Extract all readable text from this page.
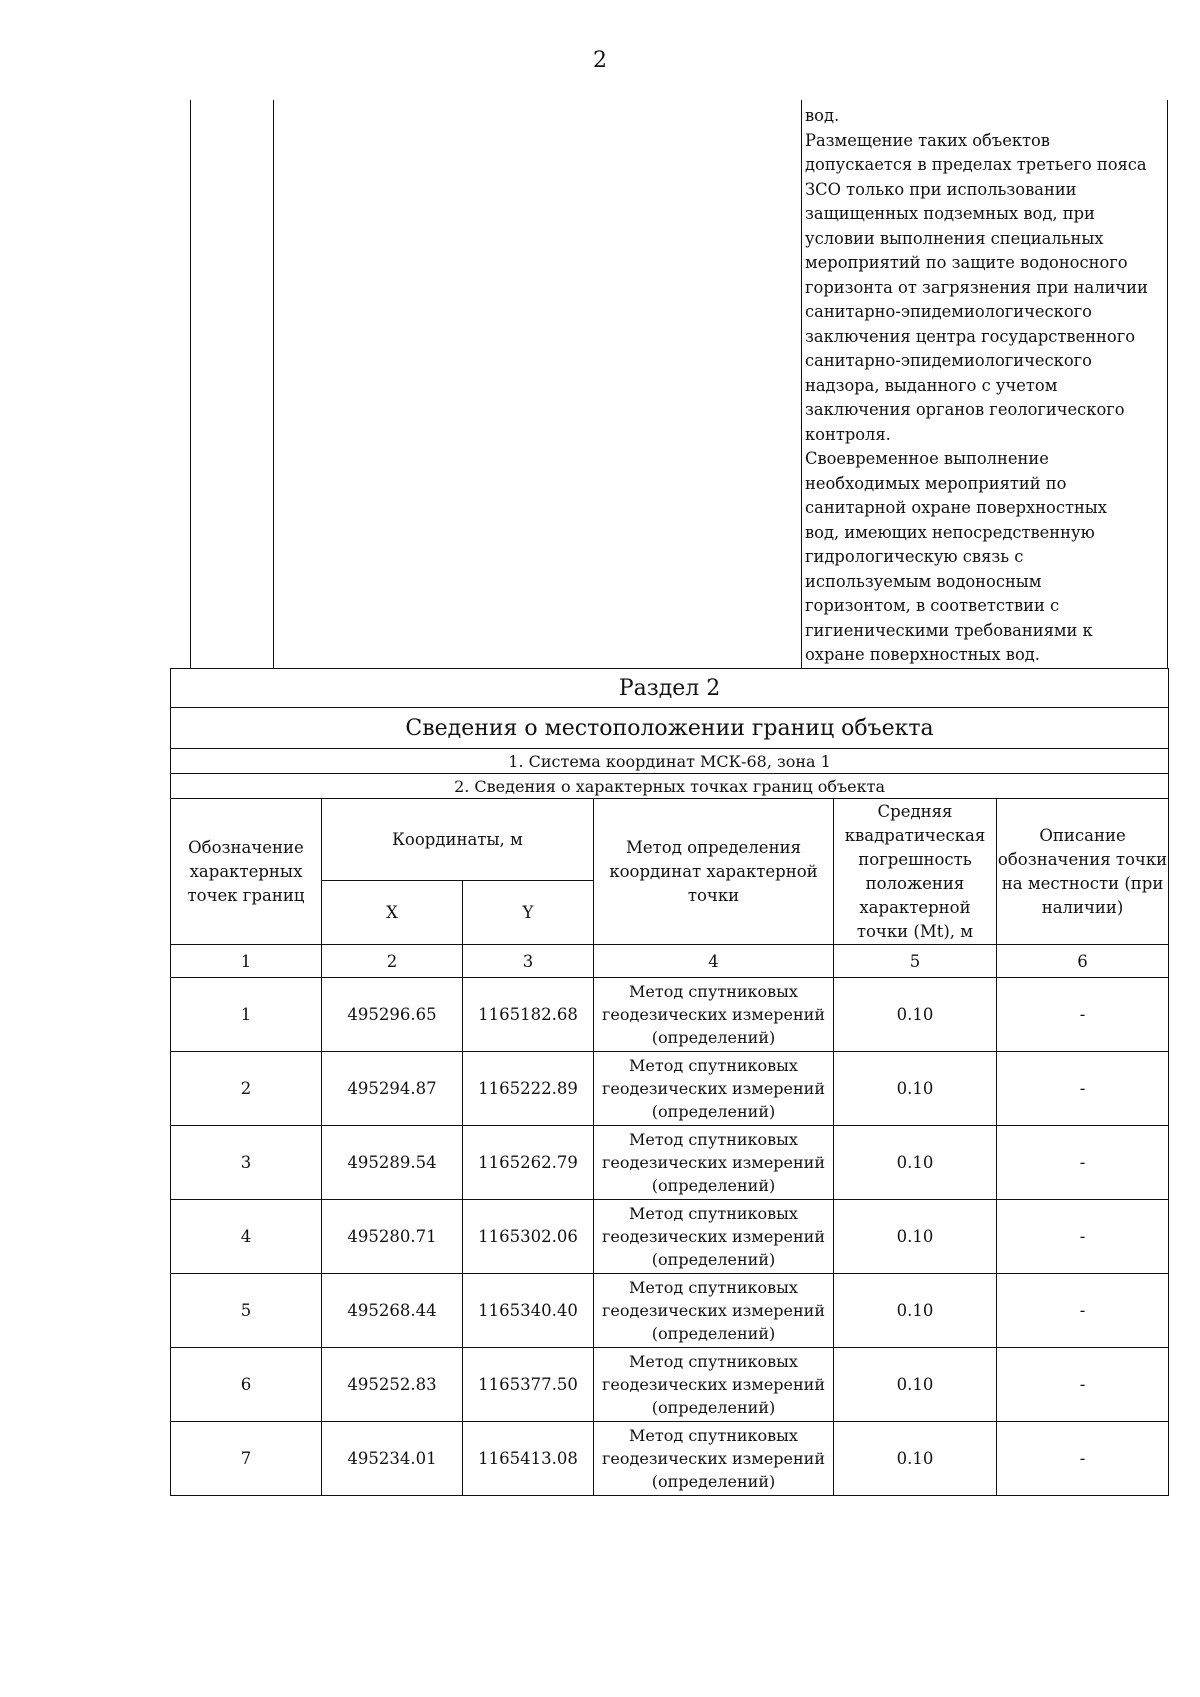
2
вод.
Размещение таких объектов
допускается в пределах третьего пояса
ЗСО только при использовании
защищенных подземных вод, при
условии выполнения специальных
мероприятий по защите водоносного
горизонта от загрязнения при наличии
санитарно-эпидемиологического
заключения центра государственного
санитарно-эпидемиологического
надзора, выданного с учетом
заключения органов геологического
контроля.
Своевременное выполнение
необходимых мероприятий по
санитарной охране поверхностных
вод, имеющих непосредственную
гидрологическую связь с
используемым водоносным
горизонтом, в соответствии с
гигиеническими требованиями к
охране поверхностных вод.
Раздел 2					
Сведения о местоположении границ объекта					
1. Система координат МСК-68, зона 1					
2. Сведения о характерных точках границ объекта					
Обозначение характерных точек границ	Координаты, м		Метод определения координат характерной точки	Средняя квадратическая погрешность положения характерной точки (Mt), м	Описание обозначения точки на местности (при наличии)
	X	Y			
1	2	3	4	5	6
1	495296.65	1165182.68	Метод спутниковых геодезических измерений (определений)	0.10	-
2	495294.87	1165222.89	Метод спутниковых геодезических измерений (определений)	0.10	-
3	495289.54	1165262.79	Метод спутниковых геодезических измерений (определений)	0.10	-
4	495280.71	1165302.06	Метод спутниковых геодезических измерений (определений)	0.10	-
5	495268.44	1165340.40	Метод спутниковых геодезических измерений (определений)	0.10	-
6	495252.83	1165377.50	Метод спутниковых геодезических измерений (определений)	0.10	-
7	495234.01	1165413.08	Метод спутниковых геодезических измерений (определений)	0.10	-
